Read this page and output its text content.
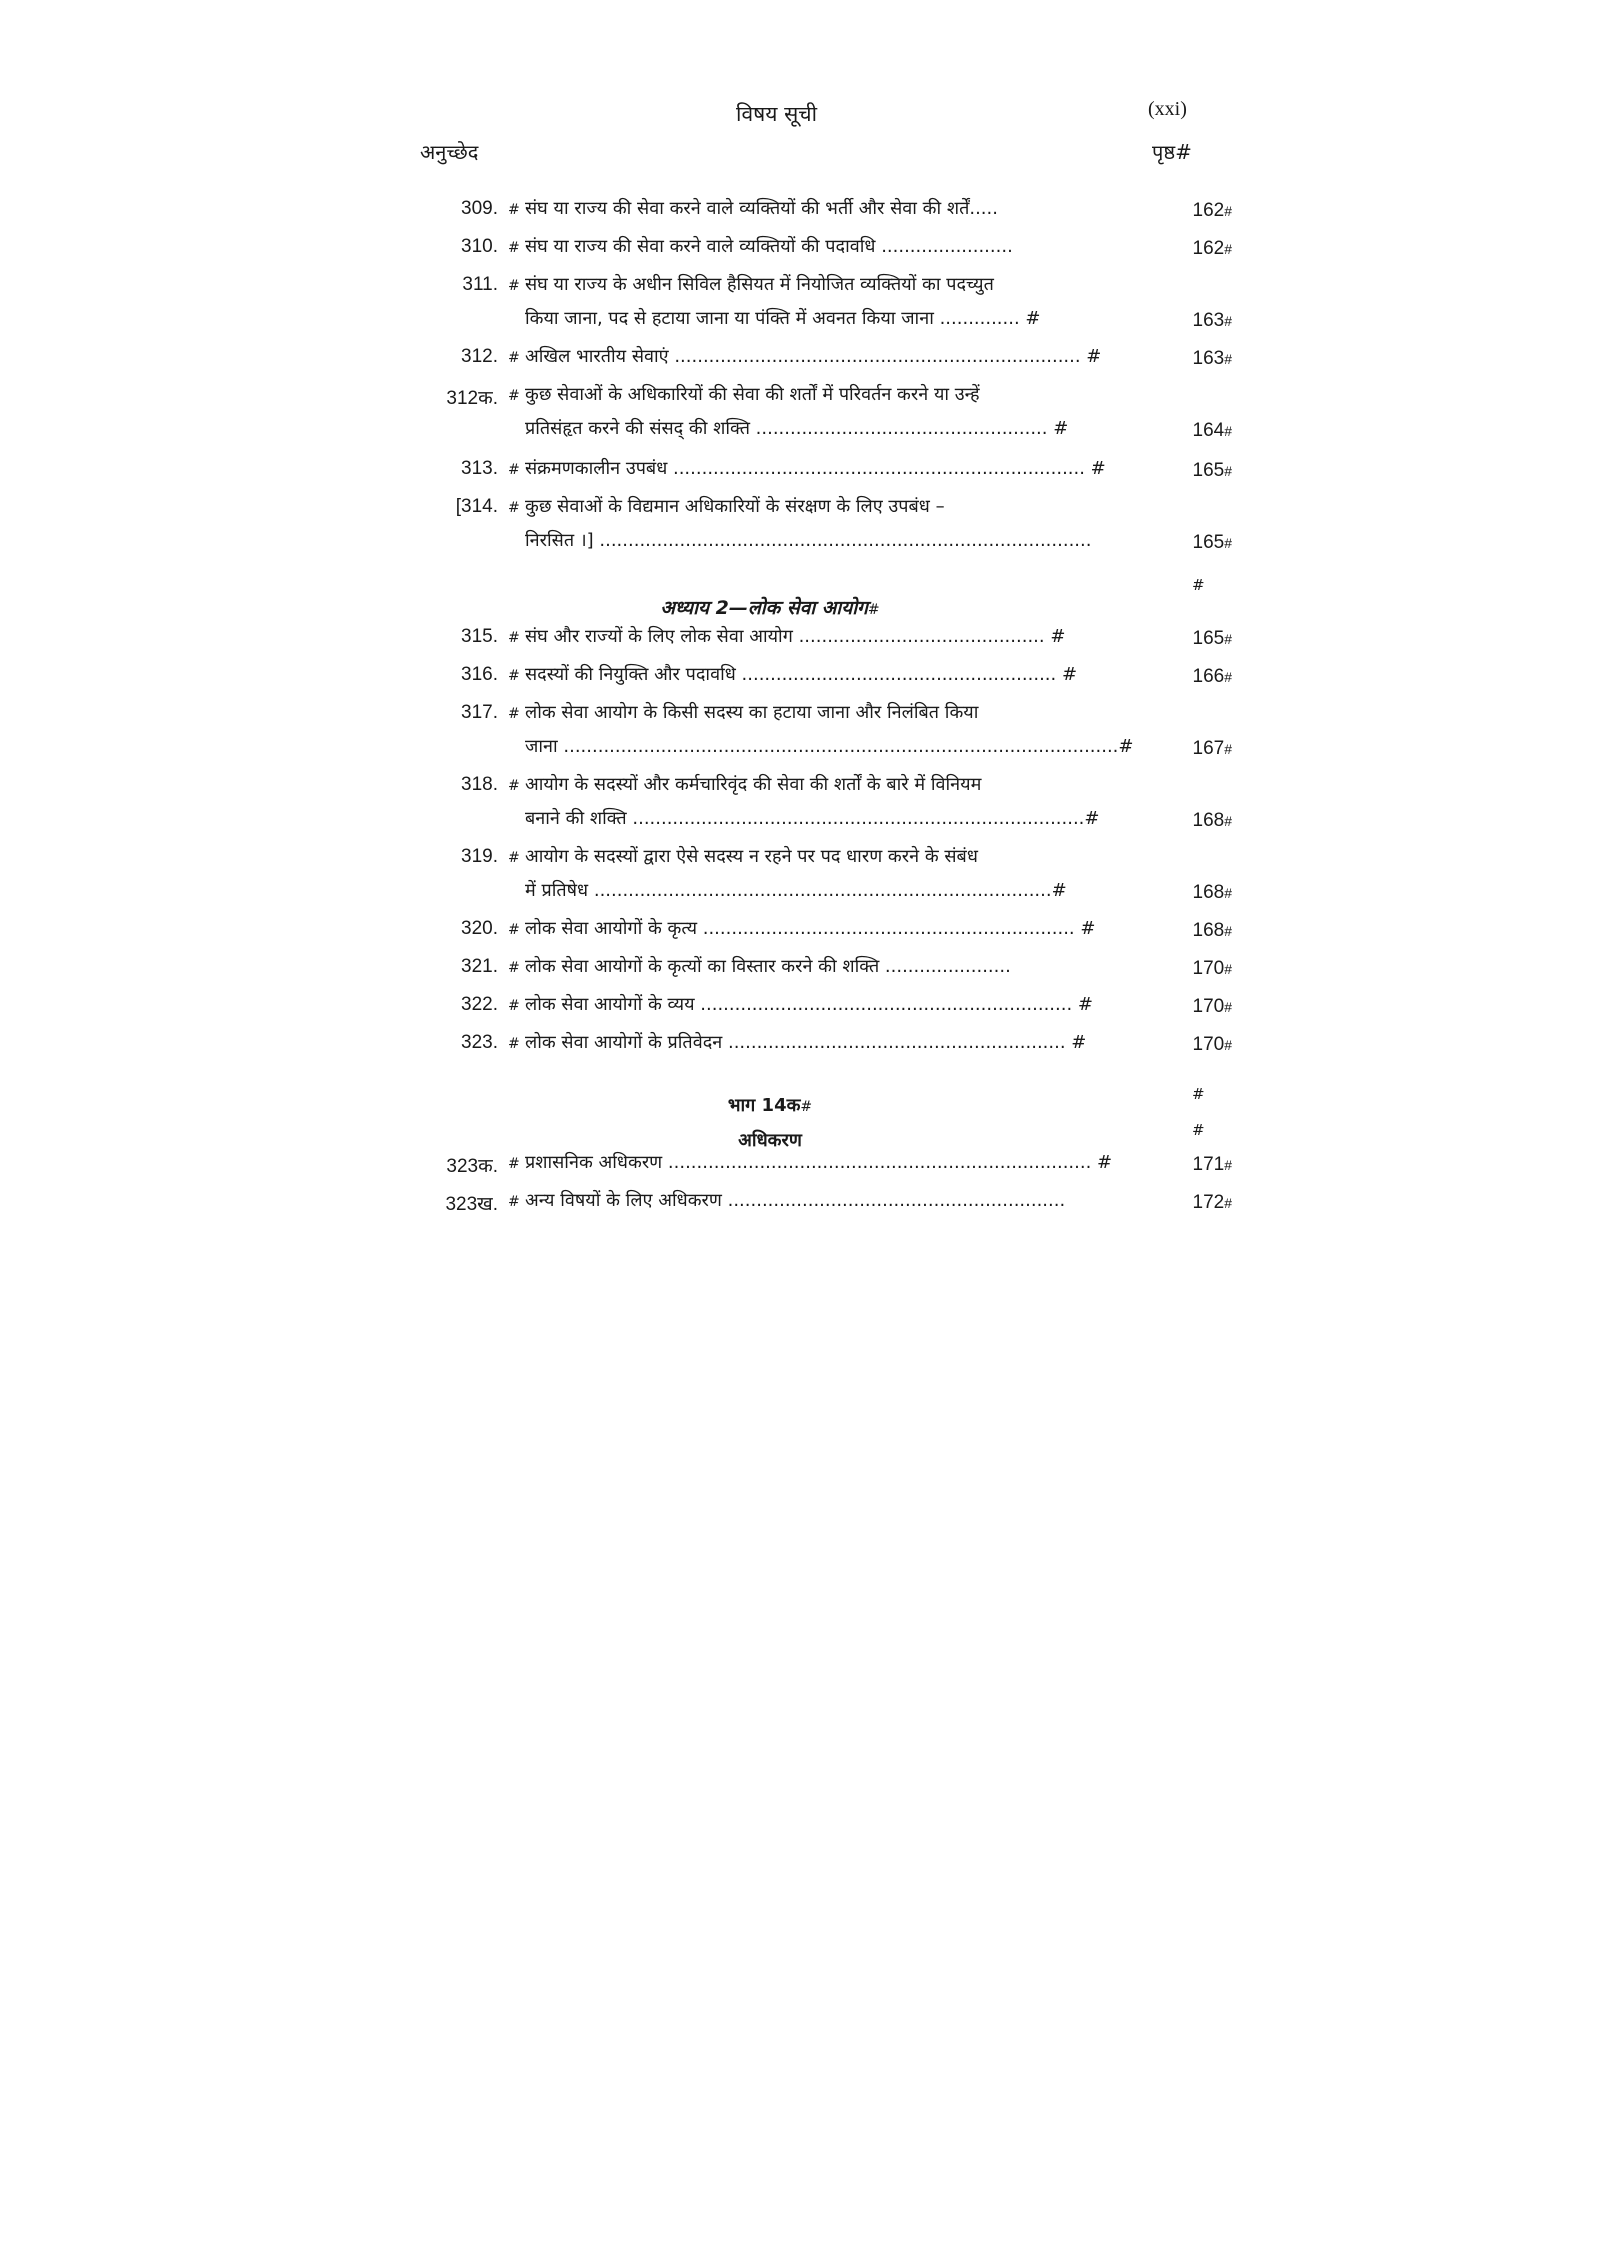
(xxi)
विषय सूची
अनुच्छेद	पृष्ठ#
309. # संघ या राज्य की सेवा करने वाले व्यक्तियों की भर्ती और सेवा की शर्तें.....	162#
310. # संघ या राज्य की सेवा करने वाले व्यक्तियों की पदावधि .......................	162#
311. # संघ या राज्य के अधीन सिविल हैसियत में नियोजित व्यक्तियों का पदच्युत
किया जाना, पद से हटाया जाना या पंक्ति में अवनत किया जाना .............. #	163#
312. # अखिल भारतीय सेवाएं ....................................................................... #	163#
312क. # कुछ सेवाओं के अधिकारियों की सेवा की शर्तों में परिवर्तन करने या उन्हें
प्रतिसंहृत करने की संसद् की शक्ति ................................................... #	164#
313. # संक्रमणकालीन उपबंध ........................................................................ #	165#
[314. # कुछ सेवाओं के विद्यमान अधिकारियों के संरक्षण के लिए उपबंध –
निरसित ।] ......................................................................................	165#
अध्याय 2—लोक सेवा आयोग#
#
315. # संघ और राज्यों के लिए लोक सेवा आयोग ........................................... #	165#
316. # सदस्यों की नियुक्ति और पदावधि ....................................................... #	166#
317. # लोक सेवा आयोग के किसी सदस्य का हटाया जाना और निलंबित किया
जाना .................................................................................................#	167#
318. # आयोग के सदस्यों और कर्मचारिवृंद की सेवा की शर्तों के बारे में विनियम
बनाने की शक्ति ...............................................................................#	168#
319. # आयोग के सदस्यों द्वारा ऐसे सदस्य न रहने पर पद धारण करने के संबंध
में प्रतिषेध ................................................................................#	168#
320. # लोक सेवा आयोगों के कृत्य ................................................................. #	168#
321. # लोक सेवा आयोगों के कृत्यों का विस्तार करने की शक्ति ......................	170#
322. # लोक सेवा आयोगों के व्यय ................................................................. #	170#
323. # लोक सेवा आयोगों के प्रतिवेदन ........................................................... #	170#
भाग 14क#
#
अधिकरण	#
323क. # प्रशासनिक अधिकरण .......................................................................... #	171#
323ख. # अन्य विषयों के लिए अधिकरण ...........................................................	172#
